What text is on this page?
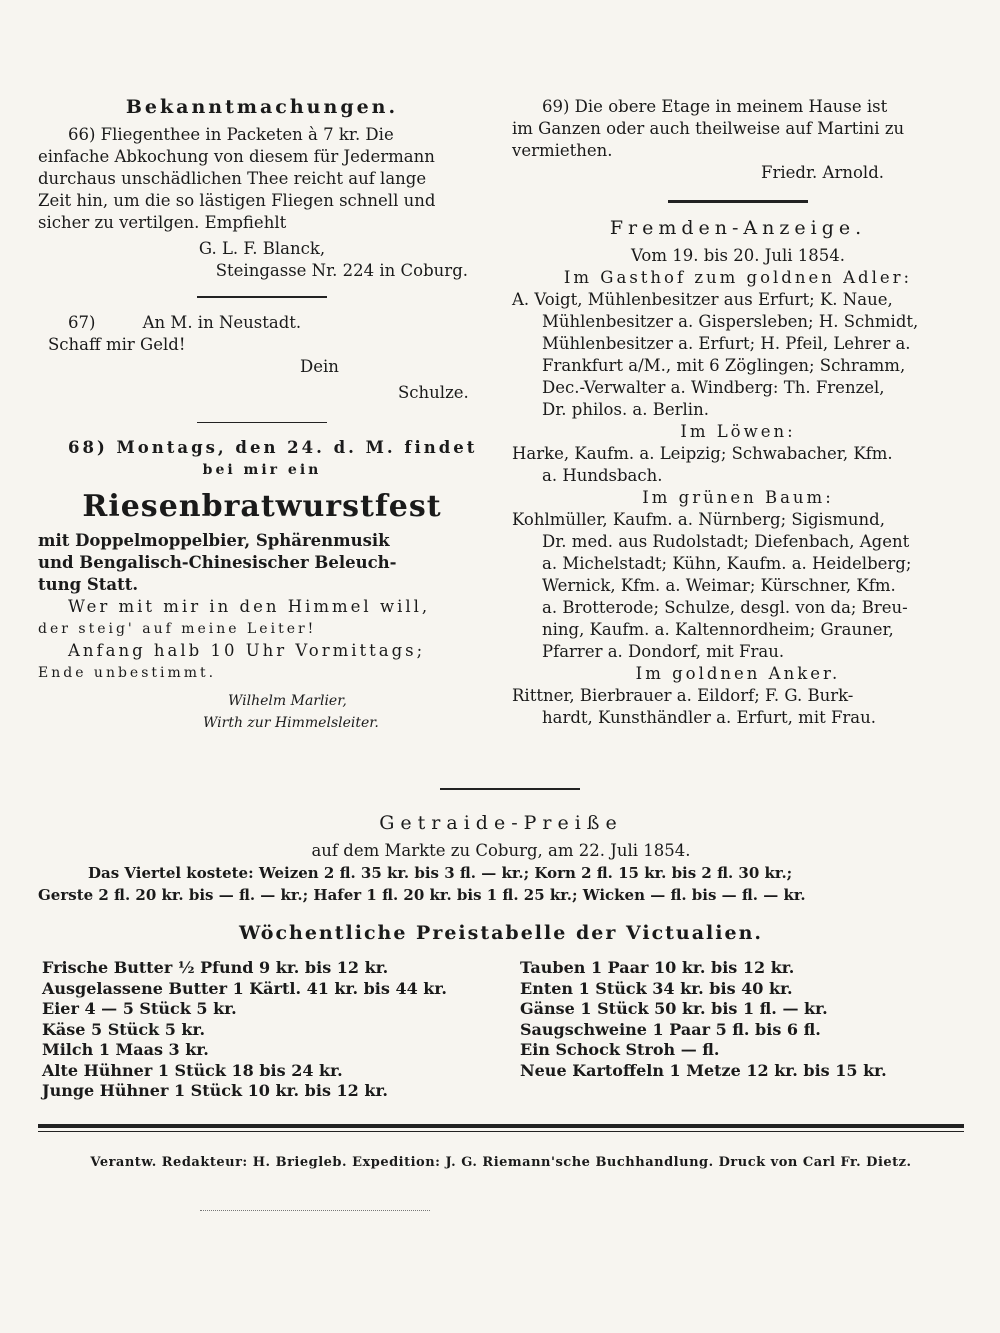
Bekanntmachungen.

66) Fliegenthee in Packeten à 7 kr. Die

einfache Abkochung von diesem für Jedermann

durchaus unschädlichen Thee reicht auf lange

Zeit hin, um die so lästigen Fliegen schnell und

sicher zu vertilgen. Empfiehlt

G. L. F. Blanck,

Steingasse Nr. 224 in Coburg.

67)         An M. in Neustadt.

Schaff mir Geld!

Dein

Schulze.

68) Montags, den 24. d. M. findet

bei mir ein

Riesenbratwurstfest

mit Doppelmoppelbier, Sphärenmusik

und Bengalisch-Chinesischer Beleuch-

tung Statt.

Wer mit mir in den Himmel will,

der steig' auf meine Leiter!

Anfang halb 10 Uhr Vormittags;

Ende unbestimmt.

Wilhelm Marlier,

Wirth zur Himmelsleiter.

69) Die obere Etage in meinem Hause ist

im Ganzen oder auch theilweise auf Martini zu

vermiethen.

Friedr. Arnold.

Fremden-Anzeige.

Vom 19. bis 20. Juli 1854.

Im Gasthof zum goldnen Adler:

A. Voigt, Mühlenbesitzer aus Erfurt; K. Naue,

Mühlenbesitzer a. Gispersleben; H. Schmidt,

Mühlenbesitzer a. Erfurt; H. Pfeil, Lehrer a.

Frankfurt a/M., mit 6 Zöglingen; Schramm,

Dec.-Verwalter a. Windberg: Th. Frenzel,

Dr. philos. a. Berlin.

Im Löwen:

Harke, Kaufm. a. Leipzig; Schwabacher, Kfm.

a. Hundsbach.

Im grünen Baum:

Kohlmüller, Kaufm. a. Nürnberg; Sigismund,

Dr. med. aus Rudolstadt; Diefenbach, Agent

a. Michelstadt; Kühn, Kaufm. a. Heidelberg;

Wernick, Kfm. a. Weimar; Kürschner, Kfm.

a. Brotterode; Schulze, desgl. von da; Breu-

ning, Kaufm. a. Kaltennordheim; Grauner,

Pfarrer a. Dondorf, mit Frau.

Im goldnen Anker.

Rittner, Bierbrauer a. Eildorf; F. G. Burk-

hardt, Kunsthändler a. Erfurt, mit Frau.

Getraide-Preiße

auf dem Markte zu Coburg, am 22. Juli 1854.

Das Viertel kostete: Weizen 2 fl. 35 kr. bis 3 fl. — kr.; Korn 2 fl. 15 kr. bis 2 fl. 30 kr.;

Gerste 2 fl. 20 kr. bis — fl. — kr.; Hafer 1 fl. 20 kr. bis 1 fl. 25 kr.; Wicken — fl. bis — fl. — kr.

Wöchentliche Preistabelle der Victualien.
Frische Butter ½ Pfund 9 kr. bis 12 kr.
Ausgelassene Butter 1 Kärtl. 41 kr. bis 44 kr.
Eier 4 — 5 Stück 5 kr.
Käse 5 Stück 5 kr.
Milch 1 Maas 3 kr.
Alte Hühner 1 Stück 18 bis 24 kr.
Junge Hühner 1 Stück 10 kr. bis 12 kr.
Tauben 1 Paar 10 kr. bis 12 kr.
Enten 1 Stück 34 kr. bis 40 kr.
Gänse 1 Stück 50 kr. bis 1 fl. — kr.
Saugschweine 1 Paar 5 fl. bis 6 fl.
Ein Schock Stroh — fl.
Neue Kartoffeln 1 Metze 12 kr. bis 15 kr.
Verantw. Redakteur: H. Briegleb. Expedition: J. G. Riemann'sche Buchhandlung. Druck von Carl Fr. Dietz.
